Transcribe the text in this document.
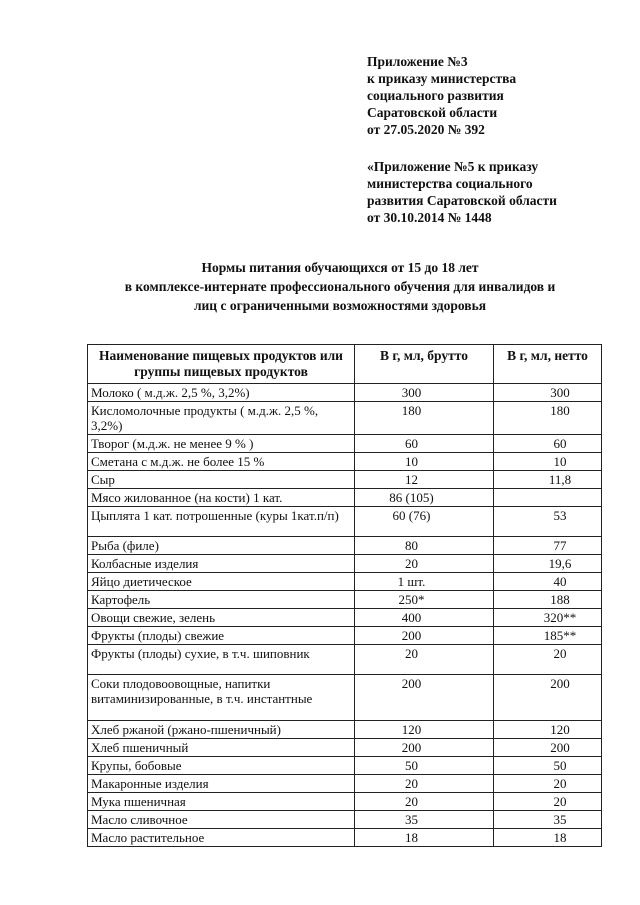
Приложение №3
к приказу министерства
социального развития
Саратовской области
от 27.05.2020 № 392
«Приложение №5 к приказу
министерства социального
развития Саратовской области
от 30.10.2014 № 1448
Нормы питания обучающихся от 15 до 18 лет
в комплексе-интернате профессионального обучения для инвалидов и
лиц с ограниченными возможностями здоровья
Наименование пищевых продуктов или группы пищевых продуктов	В г, мл, брутто	В г, мл, нетто
Молоко ( м.д.ж. 2,5 %, 3,2%)	300	300
Кисломолочные продукты ( м.д.ж. 2,5 %, 3,2%)	180	180
Творог (м.д.ж. не менее 9 % )	60	60
Сметана с м.д.ж. не более 15 %	10	10
Сыр	12	11,8
Мясо жилованное (на кости) 1 кат.	86 (105)	
Цыплята 1 кат. потрошенные (куры 1кат.п/п)	60 (76)	53
Рыба (филе)	80	77
Колбасные изделия	20	19,6
Яйцо диетическое	1 шт.	40
Картофель	250*	188
Овощи свежие, зелень	400	320**
Фрукты (плоды) свежие	200	185**
Фрукты (плоды) сухие, в т.ч. шиповник	20	20
Соки плодовоовощные, напитки витаминизированные, в т.ч. инстантные	200	200
Хлеб ржаной (ржано-пшеничный)	120	120
Хлеб пшеничный	200	200
Крупы, бобовые	50	50
Макаронные изделия	20	20
Мука пшеничная	20	20
Масло сливочное	35	35
Масло растительное	18	18
